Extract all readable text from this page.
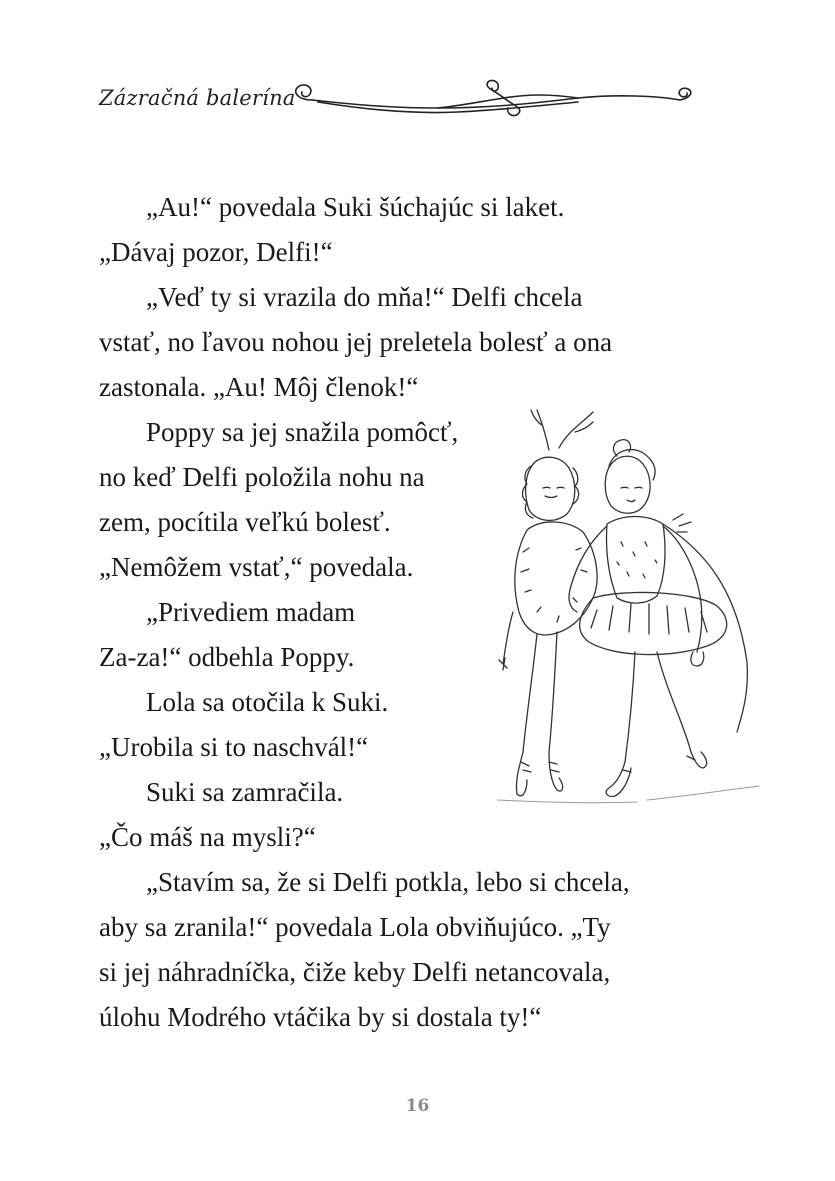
Zázračná balerína

„Au!“ povedala Suki šúchajúc si laket.

„Dávaj pozor, Delfi!“

„Veď ty si vrazila do mňa!“ Delfi chcela

vstať, no ľavou nohou jej preletela bolesť a ona

zastonala. „Au! Môj členok!“

Poppy sa jej snažila pomôcť,

no keď Delfi položila nohu na

zem, pocítila veľkú bolesť.

„Nemôžem vstať,“ povedala.

„Privediem madam

Za-za!“ odbehla Poppy.

Lola sa otočila k Suki.

„Urobila si to naschvál!“

Suki sa zamračila.

„Čo máš na mysli?“

„Stavím sa, že si Delfi potkla, lebo si chcela,

aby sa zranila!“ povedala Lola obviňujúco. „Ty

si jej náhradníčka, čiže keby Delfi netancovala,

úlohu Modrého vtáčika by si dostala ty!“

16
